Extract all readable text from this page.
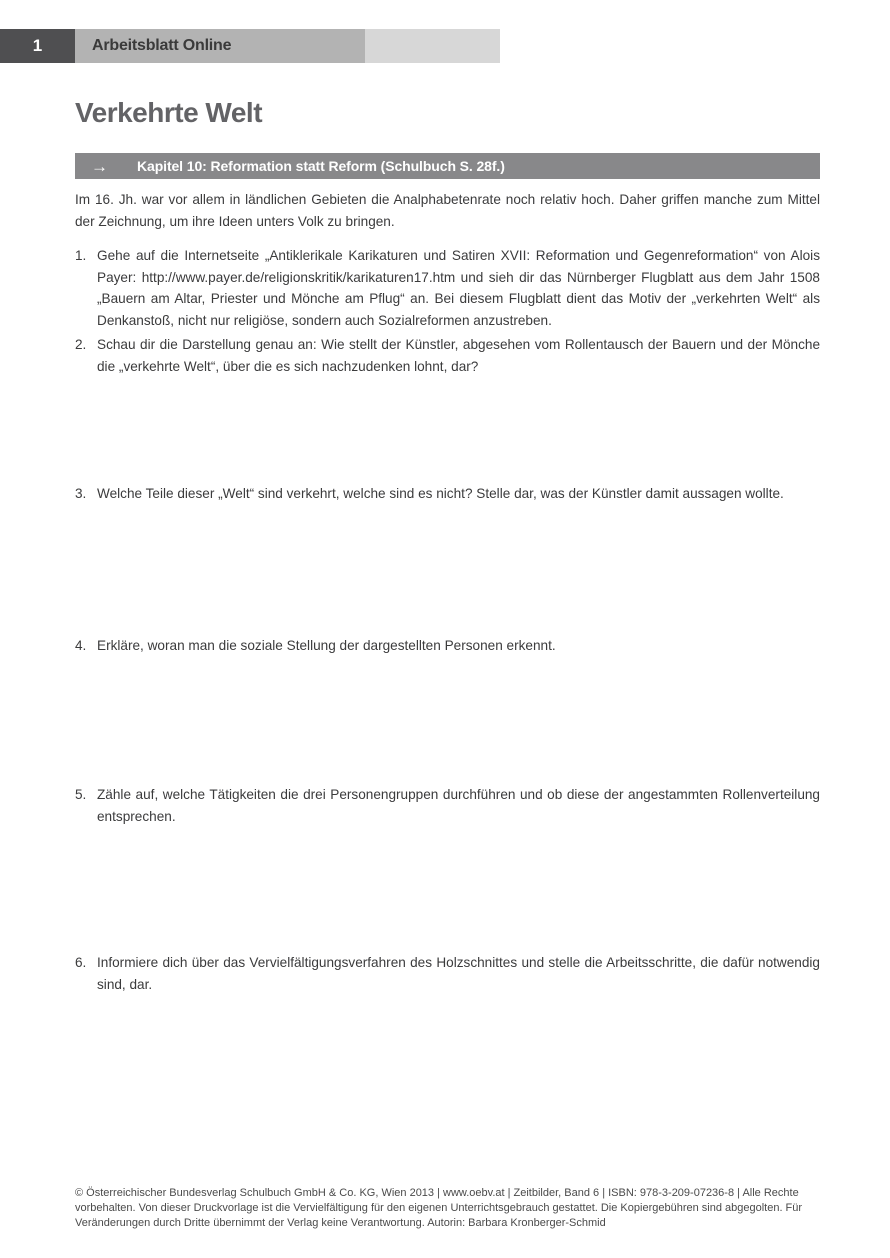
1	Arbeitsblatt Online
Verkehrte Welt
→	Kapitel 10: Reformation statt Reform (Schulbuch S. 28f.)

Im 16. Jh. war vor allem in ländlichen Gebieten die Analphabetenrate noch relativ hoch. Daher griffen manche zum Mittel der Zeichnung, um ihre Ideen unters Volk zu bringen.

1. Gehe auf die Internetseite „Antiklerikale Karikaturen und Satiren XVII: Reformation und Gegenreformation“ von Alois Payer: http://www.payer.de/religionskritik/karikaturen17.htm und sieh dir das Nürnberger Flugblatt aus dem Jahr 1508 „Bauern am Altar, Priester und Mönche am Pflug“ an. Bei diesem Flugblatt dient das Motiv der „verkehrten Welt“ als Denkanstoß, nicht nur religiöse, sondern auch Sozialreformen anzustreben.
2. Schau dir die Darstellung genau an: Wie stellt der Künstler, abgesehen vom Rollentausch der Bauern und der Mönche die „verkehrte Welt“, über die es sich nachzudenken lohnt, dar?
3. Welche Teile dieser „Welt“ sind verkehrt, welche sind es nicht? Stelle dar, was der Künstler damit aussagen wollte.
4. Erkläre, woran man die soziale Stellung der dargestellten Personen erkennt.
5. Zähle auf, welche Tätigkeiten die drei Personengruppen durchführen und ob diese der angestammten Rollenverteilung entsprechen.
6. Informiere dich über das Vervielfältigungsverfahren des Holzschnittes und stelle die Arbeitsschritte, die dafür notwendig sind, dar.
© Österreichischer Bundesverlag Schulbuch GmbH & Co. KG, Wien 2013 | www.oebv.at | Zeitbilder, Band 6 | ISBN: 978-3-209-07236-8 | Alle Rechte vorbehalten. Von dieser Druckvorlage ist die Vervielfältigung für den eigenen Unterrichtsgebrauch gestattet. Die Kopiergebühren sind abgegolten. Für Veränderungen durch Dritte übernimmt der Verlag keine Verantwortung. Autorin: Barbara Kronberger-Schmid
